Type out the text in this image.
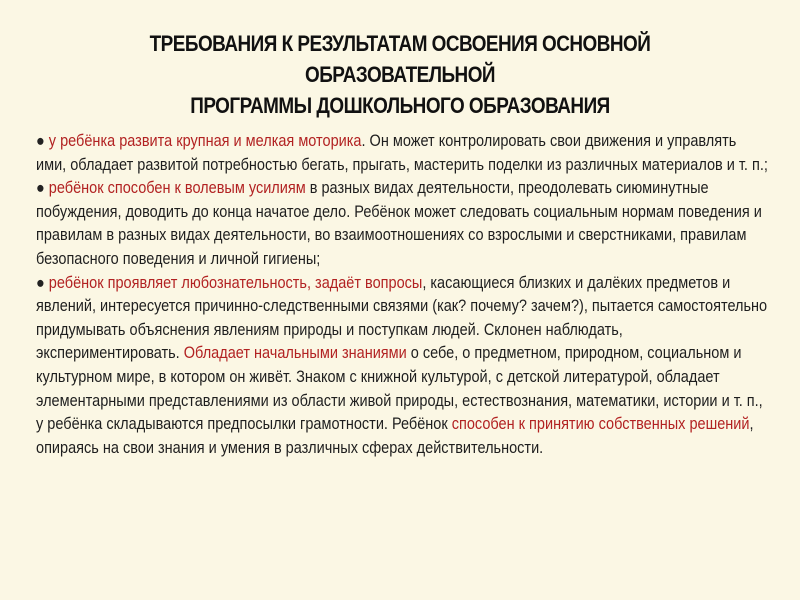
ТРЕБОВАНИЯ К РЕЗУЛЬТАТАМ ОСВОЕНИЯ ОСНОВНОЙ ОБРАЗОВАТЕЛЬНОЙ
ПРОГРАММЫ ДОШКОЛЬНОГО ОБРАЗОВАНИЯ
● у ребёнка развита крупная и мелкая моторика. Он может контролировать свои движения и управлять
ими, обладает развитой потребностью бегать, прыгать, мастерить поделки из различных материалов и т. п.;
● ребёнок способен к волевым усилиям в разных видах деятельности, преодолевать сиюминутные
побуждения, доводить до конца начатое дело. Ребёнок может следовать социальным нормам поведения и
правилам в разных видах деятельности, во взаимоотношениях со взрослыми и сверстниками, правилам
безопасного поведения и личной гигиены;
● ребёнок проявляет любознательность, задаёт вопросы, касающиеся близких и далёких предметов и
явлений, интересуется причинно-следственными связями (как? почему? зачем?), пытается самостоятельно
придумывать объяснения явлениям природы и поступкам людей. Склонен наблюдать,
экспериментировать. Обладает начальными знаниями о себе, о предметном, природном, социальном и
культурном мире, в котором он живёт. Знаком с книжной культурой, с детской литературой, обладает
элементарными представлениями из области живой природы, естествознания, математики, истории и т. п.,
у ребёнка складываются предпосылки грамотности. Ребёнок способен к принятию собственных решений,
опираясь на свои знания и умения в различных сферах действительности.
